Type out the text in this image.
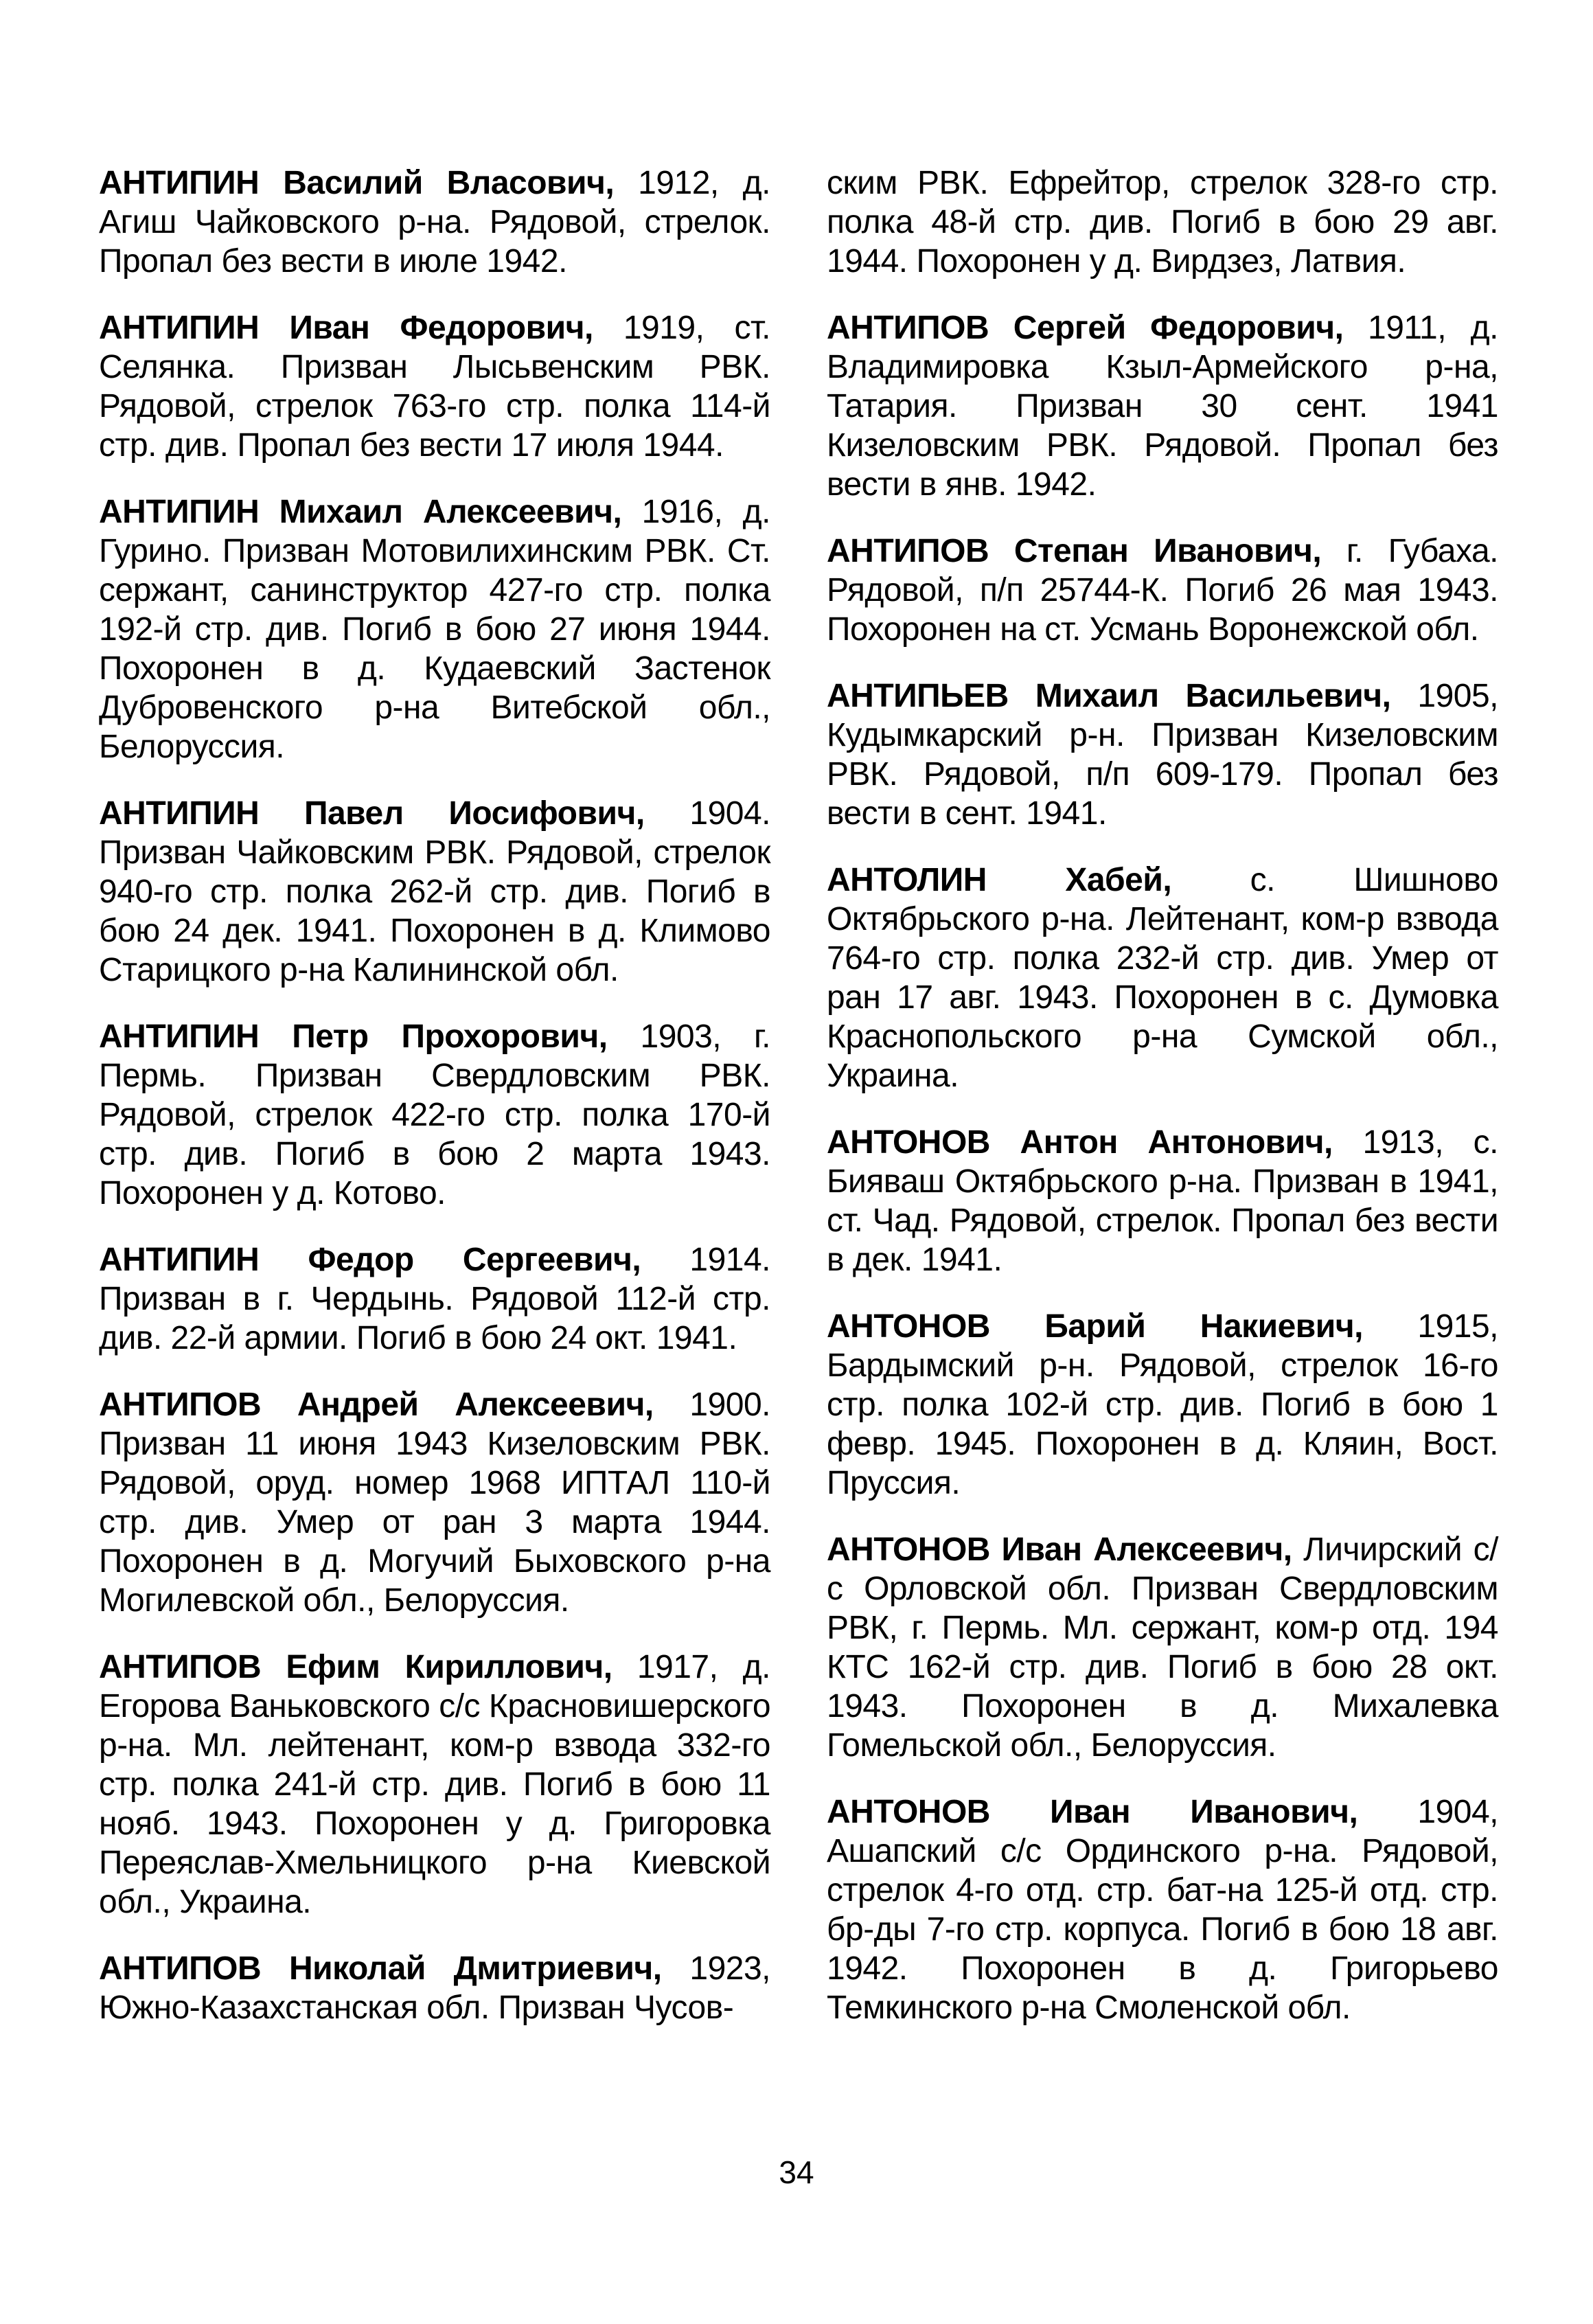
АНТИПИН Василий Власович, 1912, д. Агиш Чайковского р-на. Рядовой, стрелок. Пропал без вести в июле 1942.

АНТИПИН Иван Федорович, 1919, ст. Селянка. Призван Лысьвенским РВК. Рядовой, стрелок 763-го стр. полка 114-й стр. див. Пропал без вести 17 июля 1944.

АНТИПИН Михаил Алексеевич, 1916, д. Гурино. Призван Мотовилихинским РВК. Ст. сержант, санинструктор 427-го стр. полка 192-й стр. див. Погиб в бою 27 июня 1944. Похоронен в д. Кудаевский Застенок Дубровенского р-на Витебской обл., Белоруссия.

АНТИПИН Павел Иосифович, 1904. Призван Чайковским РВК. Рядовой, стрелок 940-го стр. полка 262-й стр. див. Погиб в бою 24 дек. 1941. Похоронен в д. Климово Старицкого р-на Калининской обл.

АНТИПИН Петр Прохорович, 1903, г. Пермь. Призван Свердловским РВК. Рядовой, стрелок 422-го стр. полка 170-й стр. див. Погиб в бою 2 марта 1943. Похоронен у д. Котово.

АНТИПИН Федор Сергеевич, 1914. Призван в г. Чердынь. Рядовой 112-й стр. див. 22-й армии. Погиб в бою 24 окт. 1941.

АНТИПОВ Андрей Алексеевич, 1900. Призван 11 июня 1943 Кизеловским РВК. Рядовой, оруд. номер 1968 ИПТАЛ 110-й стр. див. Умер от ран 3 марта 1944. Похоронен в д. Могучий Быховского р-на Могилевской обл., Белоруссия.

АНТИПОВ Ефим Кириллович, 1917, д. Егорова Ваньковского с/с Красновишерского р-на. Мл. лейтенант, ком-р взвода 332-го стр. полка 241-й стр. див. Погиб в бою 11 нояб. 1943. Похоронен у д. Григоровка Переяслав-Хмельницкого р-на Киевской обл., Украина.

АНТИПОВ Николай Дмитриевич, 1923, Южно-Казахстанская обл. Призван Чусов-

ским РВК. Ефрейтор, стрелок 328-го стр. полка 48-й стр. див. Погиб в бою 29 авг. 1944. Похоронен у д. Вирдзез, Латвия.

АНТИПОВ Сергей Федорович, 1911, д. Владимировка Кзыл-Армейского р-на, Татария. Призван 30 сент. 1941 Кизеловским РВК. Рядовой. Пропал без вести в янв. 1942.

АНТИПОВ Степан Иванович, г. Губаха. Рядовой, п/п 25744-К. Погиб 26 мая 1943. Похоронен на ст. Усмань Воронежской обл.

АНТИПЬЕВ Михаил Васильевич, 1905, Кудымкарский р-н. Призван Кизеловским РВК. Рядовой, п/п 609-179. Пропал без вести в сент. 1941.

АНТОЛИН Хабей, с. Шишново Октябрьского р-на. Лейтенант, ком-р взвода 764-го стр. полка 232-й стр. див. Умер от ран 17 авг. 1943. Похоронен в с. Думовка Краснопольского р-на Сумской обл., Украина.

АНТОНОВ Антон Антонович, 1913, с. Бияваш Октябрьского р-на. Призван в 1941, ст. Чад. Рядовой, стрелок. Пропал без вести в дек. 1941.

АНТОНОВ Барий Накиевич, 1915, Бардымский р-н. Рядовой, стрелок 16-го стр. полка 102-й стр. див. Погиб в бою 1 февр. 1945. Похоронен в д. Кляин, Вост. Пруссия.

АНТОНОВ Иван Алексеевич, Личирский с/с Орловской обл. Призван Свердловским РВК, г. Пермь. Мл. сержант, ком-р отд. 194 КТС 162-й стр. див. Погиб в бою 28 окт. 1943. Похоронен в д. Михалевка Гомельской обл., Белоруссия.

АНТОНОВ Иван Иванович, 1904, Ашапский с/с Ординского р-на. Рядовой, стрелок 4-го отд. стр. бат-на 125-й отд. стр. бр-ды 7-го стр. корпуса. Погиб в бою 18 авг. 1942. Похоронен в д. Григорьево Темкинского р-на Смоленской обл.

34
